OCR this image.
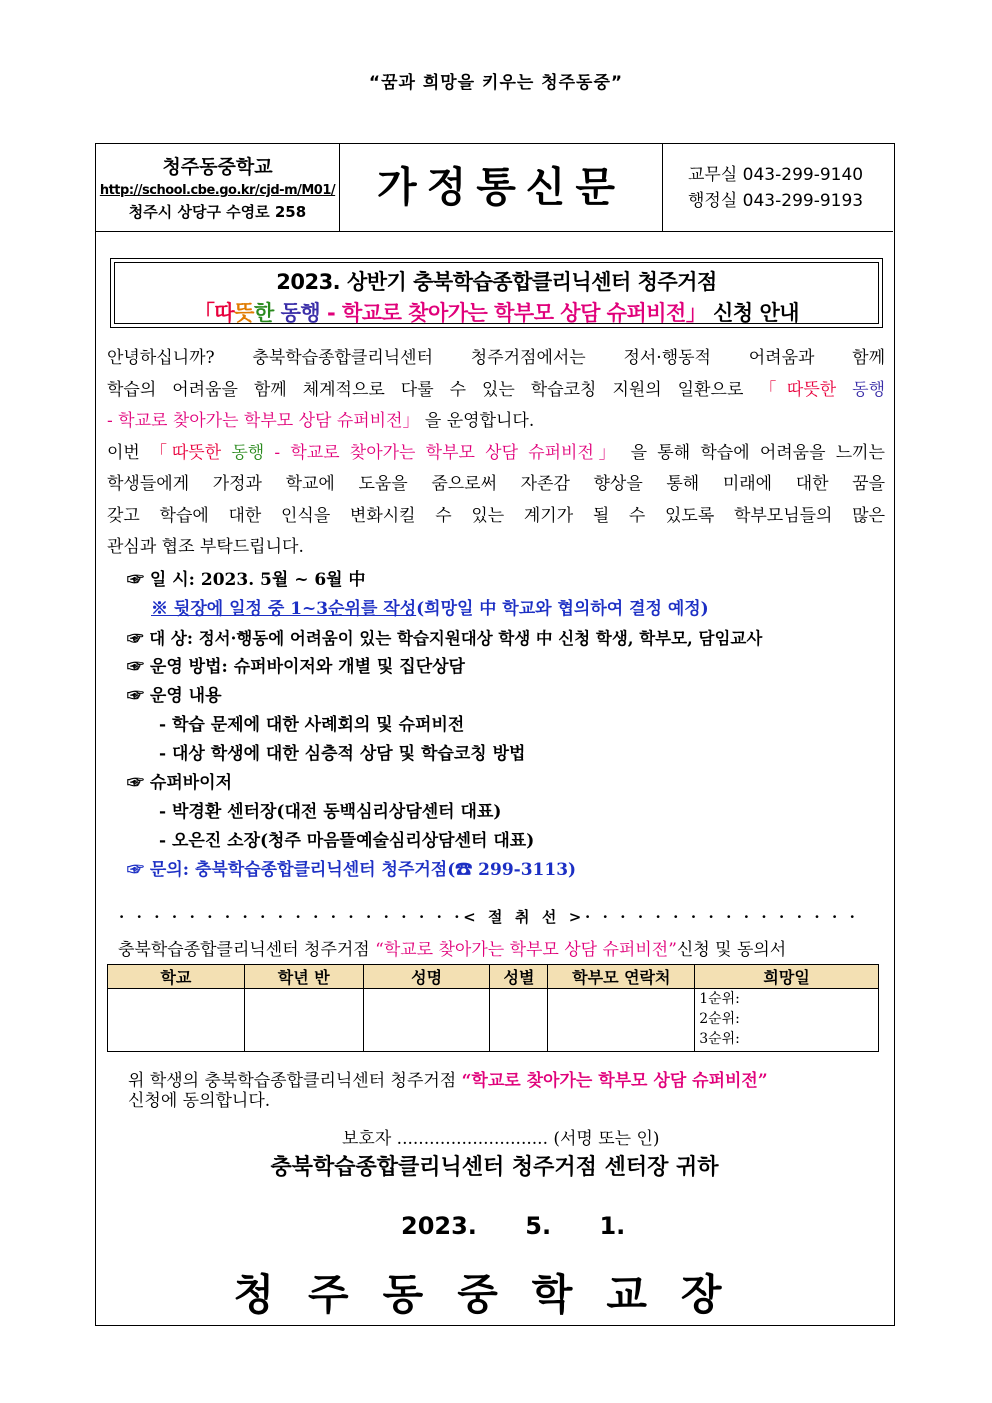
“꿈과 희망을 키우는 청주동중”
청주동중학교
http://school.cbe.go.kr/cjd-m/M01/
청주시 상당구 수영로 258
가정통신문	교무실 043-299-9140
행정실 043-299-9193
2023. 상반기 충북학습종합클리닉센터 청주거점
「따뜻한 동행 - 학교로 찾아가는 학부모 상담 슈퍼비전」 신청 안내

안녕하십니까? 충북학습종합클리닉센터 청주거점에서는 정서·행동적 어려움과 함께

학습의 어려움을 함께 체계적으로 다룰 수 있는 학습코칭 지원의 일환으로 「따뜻한 동행

- 학교로 찾아가는 학부모 상담 슈퍼비전」 을 운영합니다.

이번 「따뜻한 동행 - 학교로 찾아가는 학부모 상담 슈퍼비전」 을 통해 학습에 어려움을 느끼는

학생들에게 가정과 학교에 도움을 줌으로써 자존감 향상을 통해 미래에 대한 꿈을

갖고 학습에 대한 인식을 변화시킬 수 있는 계기가 될 수 있도록 학부모님들의 많은

관심과 협조 부탁드립니다.

☞ 일 시: 2023. 5월 ~ 6월 中
※ 뒷장에 일정 중 1~3순위를 작성(희망일 中 학교와 협의하여 결정 예정)
☞ 대 상: 정서·행동에 어려움이 있는 학습지원대상 학생 中 신청 학생, 학부모, 담임교사
☞ 운영 방법: 슈퍼바이저와 개별 및 집단상담
☞ 운영 내용
- 학습 문제에 대한 사례회의 및 슈퍼비전
- 대상 학생에 대한 심층적 상담 및 학습코칭 방법
☞ 슈퍼바이저
- 박경환 센터장(대전 동백심리상담센터 대표)
- 오은진 소장(청주 마음뜰예술심리상담센터 대표)
☞ 문의: 충북학습종합클리닉센터 청주거점(☎ 299-3113)
· · · · · · · · · · · · · · · · · · · ·< 절 취 선 >· · · · · · · · · · · · · · · ·
충북학습종합클리닉센터 청주거점 “학교로 찾아가는 학부모 상담 슈퍼비전”신청 및 동의서
학교	학년 반	성명	성별	학부모 연락처	희망일

					1순위:
2순위:
3순위:
위 학생의 충북학습종합클리닉센터 청주거점 “학교로 찾아가는 학부모 상담 슈퍼비전”
신청에 동의합니다.
보호자 ............................ (서명 또는 인)
충북학습종합클리닉센터 청주거점 센터장 귀하
2023. 5. 1.
청주동중학교장
